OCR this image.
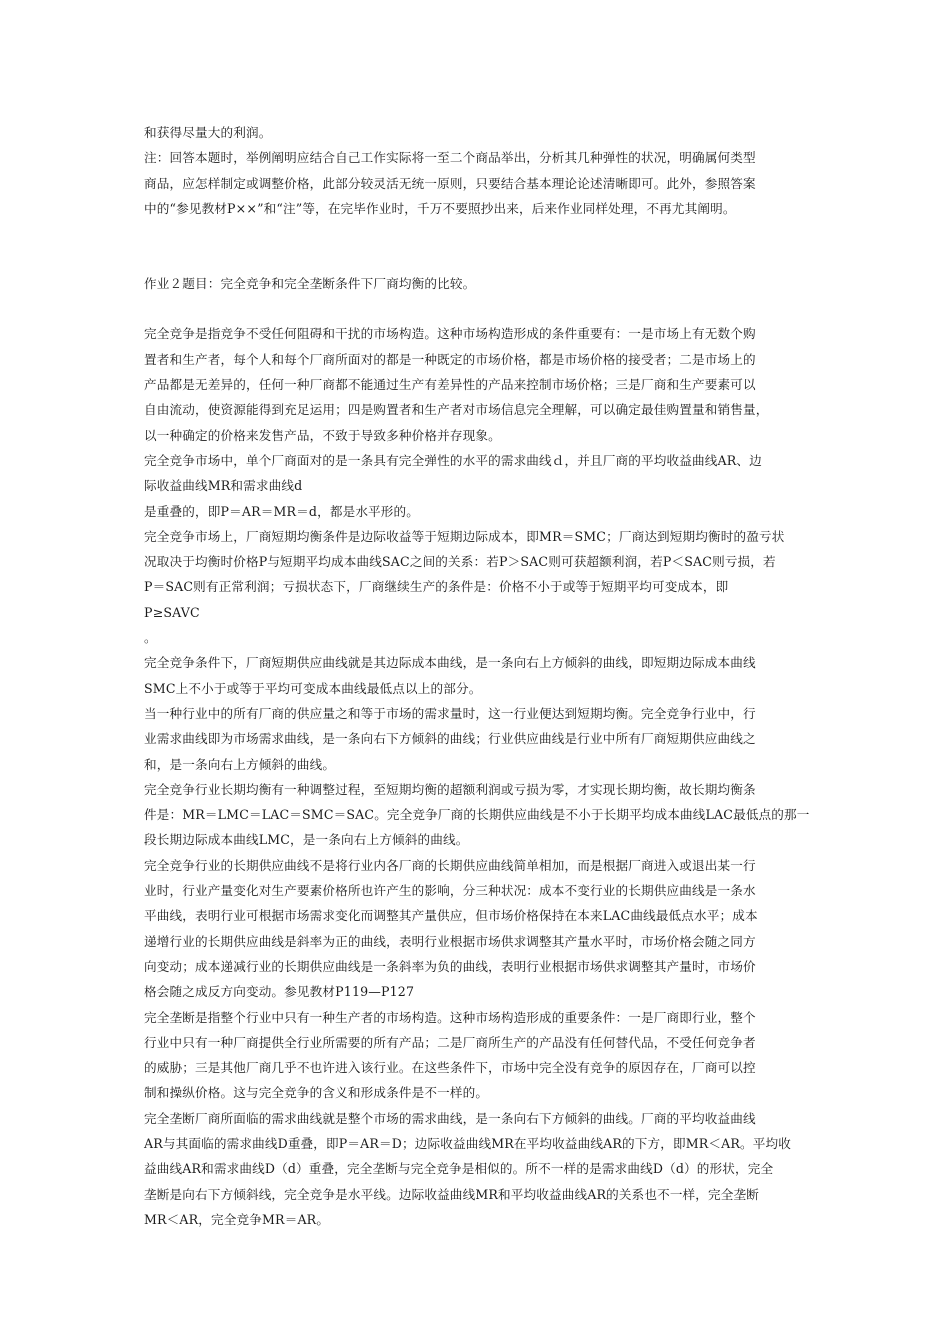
和获得尽量大的利润。
注：回答本题时，举例阐明应结合自己工作实际将一至二个商品举出，分析其几种弹性的状况，明确属何类型
商品，应怎样制定或调整价格，此部分较灵活无统一原则，只要结合基本理论论述清晰即可。此外，参照答案
中的“参见教材P××”和“注”等，在完毕作业时，千万不要照抄出来，后来作业同样处理，不再尤其阐明。
作业２题目：完全竞争和完全垄断条件下厂商均衡的比较。
完全竞争是指竞争不受任何阻碍和干扰的市场构造。这种市场构造形成的条件重要有：一是市场上有无数个购
置者和生产者，每个人和每个厂商所面对的都是一种既定的市场价格，都是市场价格的接受者；二是市场上的
产品都是无差异的，任何一种厂商都不能通过生产有差异性的产品来控制市场价格；三是厂商和生产要素可以
自由流动，使资源能得到充足运用；四是购置者和生产者对市场信息完全理解，可以确定最佳购置量和销售量，
以一种确定的价格来发售产品，不致于导致多种价格并存现象。
完全竞争市场中，单个厂商面对的是一条具有完全弹性的水平的需求曲线ｄ，并且厂商的平均收益曲线AR、边
际收益曲线MR和需求曲线d
是重叠的，即P＝AR＝MR＝d，都是水平形的。
完全竞争市场上，厂商短期均衡条件是边际收益等于短期边际成本，即MR＝SMC；厂商达到短期均衡时的盈亏状
况取决于均衡时价格P与短期平均成本曲线SAC之间的关系：若P＞SAC则可获超额利润，若P＜SAC则亏损，若
P＝SAC则有正常利润；亏损状态下，厂商继续生产的条件是：价格不小于或等于短期平均可变成本，即
P≥SAVC
。
完全竞争条件下，厂商短期供应曲线就是其边际成本曲线，是一条向右上方倾斜的曲线，即短期边际成本曲线
SMC上不小于或等于平均可变成本曲线最低点以上的部分。
当一种行业中的所有厂商的供应量之和等于市场的需求量时，这一行业便达到短期均衡。完全竞争行业中，行
业需求曲线即为市场需求曲线，是一条向右下方倾斜的曲线；行业供应曲线是行业中所有厂商短期供应曲线之
和，是一条向右上方倾斜的曲线。
完全竞争行业长期均衡有一种调整过程，至短期均衡的超额利润或亏损为零，才实现长期均衡，故长期均衡条
件是：MR＝LMC＝LAC＝SMC＝SAC。完全竞争厂商的长期供应曲线是不小于长期平均成本曲线LAC最低点的那一
段长期边际成本曲线LMC，是一条向右上方倾斜的曲线。
完全竞争行业的长期供应曲线不是将行业内各厂商的长期供应曲线简单相加，而是根据厂商进入或退出某一行
业时，行业产量变化对生产要素价格所也许产生的影响，分三种状况：成本不变行业的长期供应曲线是一条水
平曲线，表明行业可根据市场需求变化而调整其产量供应，但市场价格保持在本来LAC曲线最低点水平；成本
递增行业的长期供应曲线是斜率为正的曲线，表明行业根据市场供求调整其产量水平时，市场价格会随之同方
向变动；成本递减行业的长期供应曲线是一条斜率为负的曲线，表明行业根据市场供求调整其产量时，市场价
格会随之成反方向变动。参见教材P119—P127
完全垄断是指整个行业中只有一种生产者的市场构造。这种市场构造形成的重要条件：一是厂商即行业，整个
行业中只有一种厂商提供全行业所需要的所有产品；二是厂商所生产的产品没有任何替代品，不受任何竞争者
的威胁；三是其他厂商几乎不也许进入该行业。在这些条件下，市场中完全没有竞争的原因存在，厂商可以控
制和操纵价格。这与完全竞争的含义和形成条件是不一样的。
完全垄断厂商所面临的需求曲线就是整个市场的需求曲线，是一条向右下方倾斜的曲线。厂商的平均收益曲线
AR与其面临的需求曲线D重叠，即P＝AR＝D；边际收益曲线MR在平均收益曲线AR的下方，即MR＜AR。平均收
益曲线AR和需求曲线D（d）重叠，完全垄断与完全竞争是相似的。所不一样的是需求曲线D（d）的形状，完全
垄断是向右下方倾斜线，完全竞争是水平线。边际收益曲线MR和平均收益曲线AR的关系也不一样，完全垄断
MR＜AR，完全竞争MR＝AR。
